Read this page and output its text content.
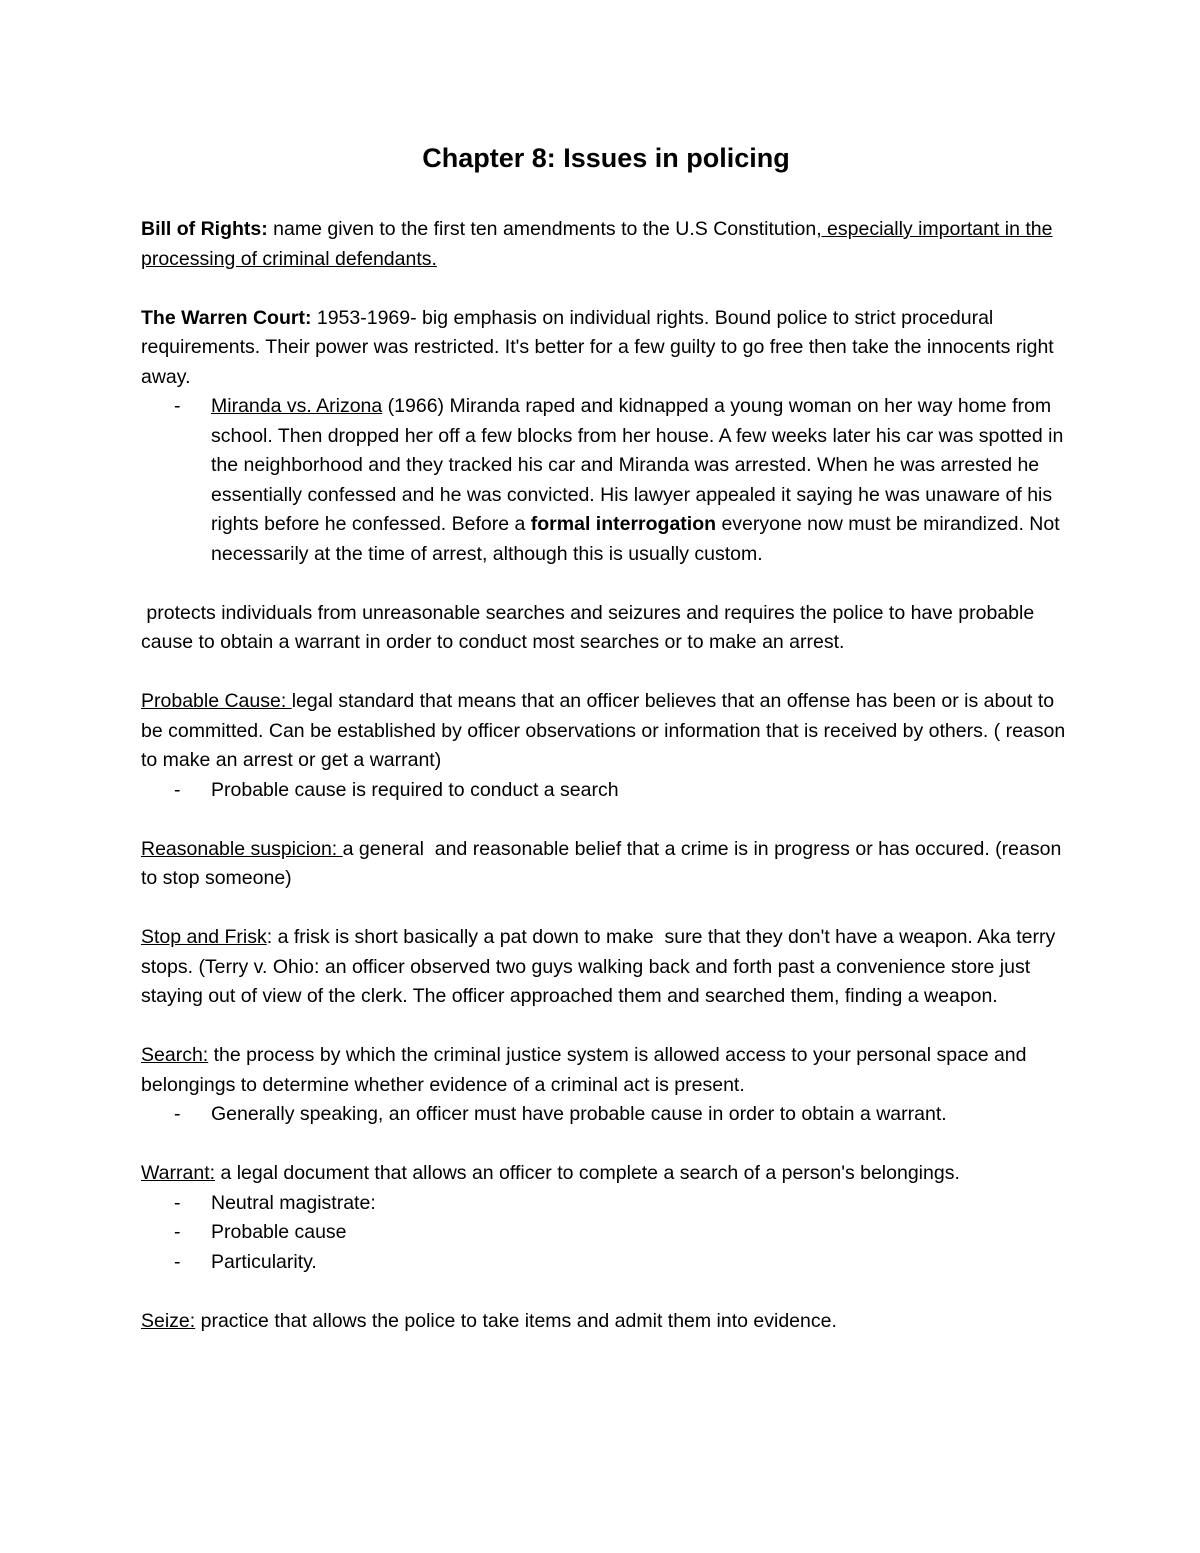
Chapter 8: Issues in policing

Bill of Rights: name given to the first ten amendments to the U.S Constitution, especially important in the processing of criminal defendants.

The Warren Court: 1953-1969- big emphasis on individual rights. Bound police to strict procedural requirements. Their power was restricted. It's better for a few guilty to go free then take the innocents right away.

- Miranda vs. Arizona (1966) Miranda raped and kidnapped a young woman on her way home from school. Then dropped her off a few blocks from her house. A few weeks later his car was spotted in the neighborhood and they tracked his car and Miranda was arrested. When he was arrested he essentially confessed and he was convicted. His lawyer appealed it saying he was unaware of his rights before he confessed. Before a formal interrogation everyone now must be mirandized. Not necessarily at the time of arrest, although this is usually custom.

protects individuals from unreasonable searches and seizures and requires the police to have probable cause to obtain a warrant in order to conduct most searches or to make an arrest.

Probable Cause: legal standard that means that an officer believes that an offense has been or is about to be committed. Can be established by officer observations or information that is received by others. ( reason to make an arrest or get a warrant)

- Probable cause is required to conduct a search

Reasonable suspicion: a general  and reasonable belief that a crime is in progress or has occured. (reason to stop someone)

Stop and Frisk: a frisk is short basically a pat down to make  sure that they don't have a weapon. Aka terry stops. (Terry v. Ohio: an officer observed two guys walking back and forth past a convenience store just staying out of view of the clerk. The officer approached them and searched them, finding a weapon.

Search: the process by which the criminal justice system is allowed access to your personal space and belongings to determine whether evidence of a criminal act is present.

- Generally speaking, an officer must have probable cause in order to obtain a warrant.

Warrant: a legal document that allows an officer to complete a search of a person's belongings.

- Neutral magistrate:
- Probable cause
- Particularity.

Seize: practice that allows the police to take items and admit them into evidence.
